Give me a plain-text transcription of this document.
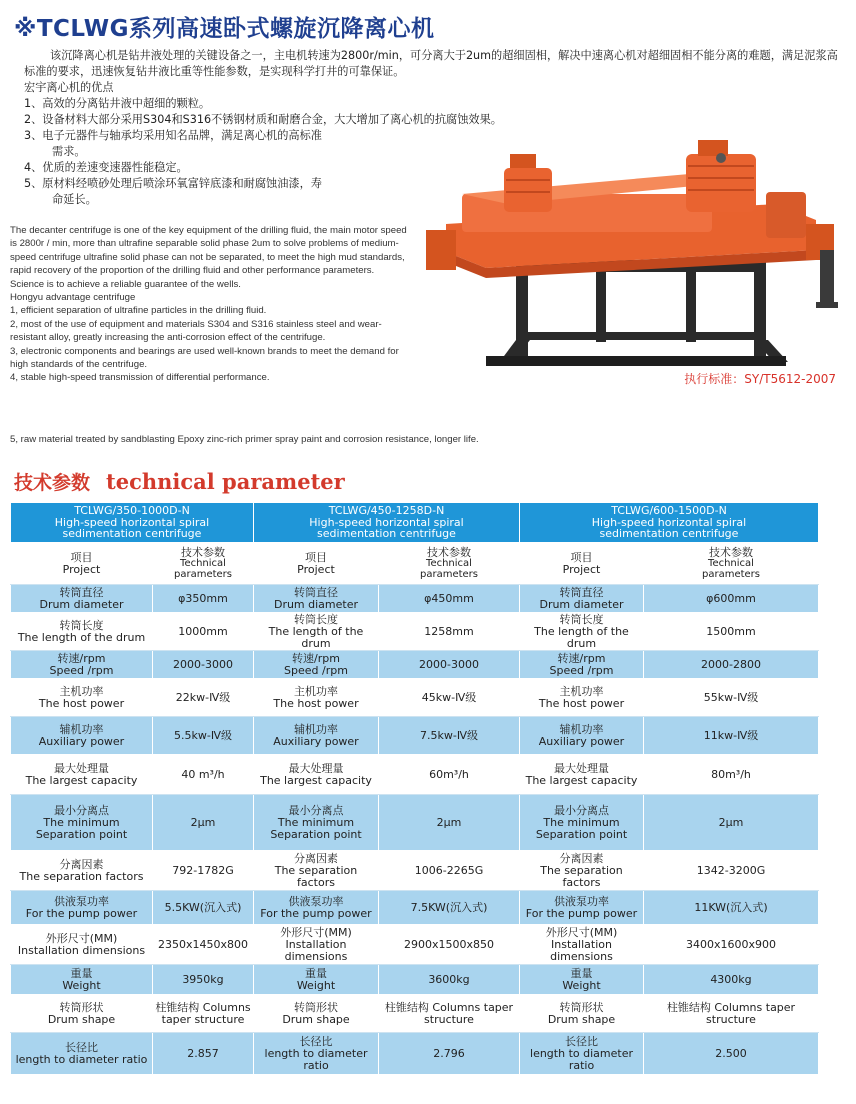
※TCLWG系列高速卧式螺旋沉降离心机

该沉降离心机是钻井液处理的关键设备之一，主电机转速为2800r/min，可分离大于2um的超细固相，解决中速离心机对超细固相不能分离的难题，满足泥浆高标准的要求，迅速恢复钻井液比重等性能参数，是实现科学打井的可靠保证。

宏宇离心机的优点

1、高效的分离钻井液中超细的颗粒。

2、设备材料大部分采用S304和S316不锈钢材质和耐磨合金，大大增加了离心机的抗腐蚀效果。

3、电子元器件与轴承均采用知名品牌，满足离心机的高标准

需求。

4、优质的差速变速器性能稳定。

5、原材料经喷砂处理后喷涂环氧富锌底漆和耐腐蚀油漆，寿

命延长。

The decanter centrifuge is one of the key equipment of the drilling fluid, the main motor speed is 2800r / min, more than ultrafine separable solid phase 2um to solve problems of medium-speed centrifuge ultrafine solid phase can not be separated, to meet the high mud standards, rapid recovery of the proportion of the drilling fluid and other performance parameters. Science is to achieve a reliable guarantee of the wells.

Hongyu advantage centrifuge

1, efficient separation of ultrafine particles in the drilling fluid.

2, most of the use of equipment and materials S304 and S316 stainless steel and wear-resistant alloy, greatly increasing the anti-corrosion effect of the centrifuge.

3, electronic components and bearings are used well-known brands to meet the demand for high standards of the centrifuge.

4, stable high-speed transmission of differential performance.

5, raw material treated by sandblasting Epoxy zinc-rich primer spray paint and corrosion resistance, longer life.
执行标准：SY/T5612-2007
技术参数 technical parameter
TCLWG/350-1000D-N
High-speed horizontal spiral
sedimentation centrifuge		TCLWG/450-1258D-N
High-speed horizontal spiral
sedimentation centrifuge		TCLWG/600-1500D-N
High-speed horizontal spiral
sedimentation centrifuge	

项目
Project	技术参数
Technical
parameters	项目
Project	技术参数
Technical
parameters	项目
Project	技术参数
Technical
parameters

转筒直径
Drum diameter	φ350mm	转筒直径
Drum diameter	φ450mm	转筒直径
Drum diameter	φ600mm

转筒长度
The length of the drum	1000mm	转筒长度
The length of the drum	1258mm	转筒长度
The length of the drum	1500mm

转速/rpm
Speed /rpm	2000-3000	转速/rpm
Speed /rpm	2000-3000	转速/rpm
Speed /rpm	2000-2800

主机功率
The host power	22kw-Ⅳ级	主机功率
The host power	45kw-Ⅳ级	主机功率
The host power	55kw-Ⅳ级

辅机功率
Auxiliary power	5.5kw-Ⅳ级	辅机功率
Auxiliary power	7.5kw-Ⅳ级	辅机功率
Auxiliary power	11kw-Ⅳ级

最大处理量
The largest capacity	40 m³/h	最大处理量
The largest capacity	60m³/h	最大处理量
The largest capacity	80m³/h

最小分离点
The minimum Separation point	2μm	最小分离点
The minimum Separation point	2μm	最小分离点
The minimum Separation point	2μm

分离因素
The separation factors	792-1782G	分离因素
The separation factors	1006-2265G	分离因素
The separation factors	1342-3200G

供液泵功率
For the pump power	5.5KW(沉入式)	供液泵功率
For the pump power	7.5KW(沉入式)	供液泵功率
For the pump power	11KW(沉入式)

外形尺寸(MM)
Installation dimensions	2350x1450x800	外形尺寸(MM)
Installation dimensions	2900x1500x850	外形尺寸(MM)
Installation dimensions	3400x1600x900

重量
Weight	3950kg	重量
Weight	3600kg	重量
Weight	4300kg

转筒形状
Drum shape	柱锥结构 Columns taper structure	转筒形状
Drum shape	柱锥结构 Columns taper structure	转筒形状
Drum shape	柱锥结构 Columns taper structure

长径比
length to diameter ratio	2.857	长径比
length to diameter ratio	2.796	长径比
length to diameter ratio	2.500
